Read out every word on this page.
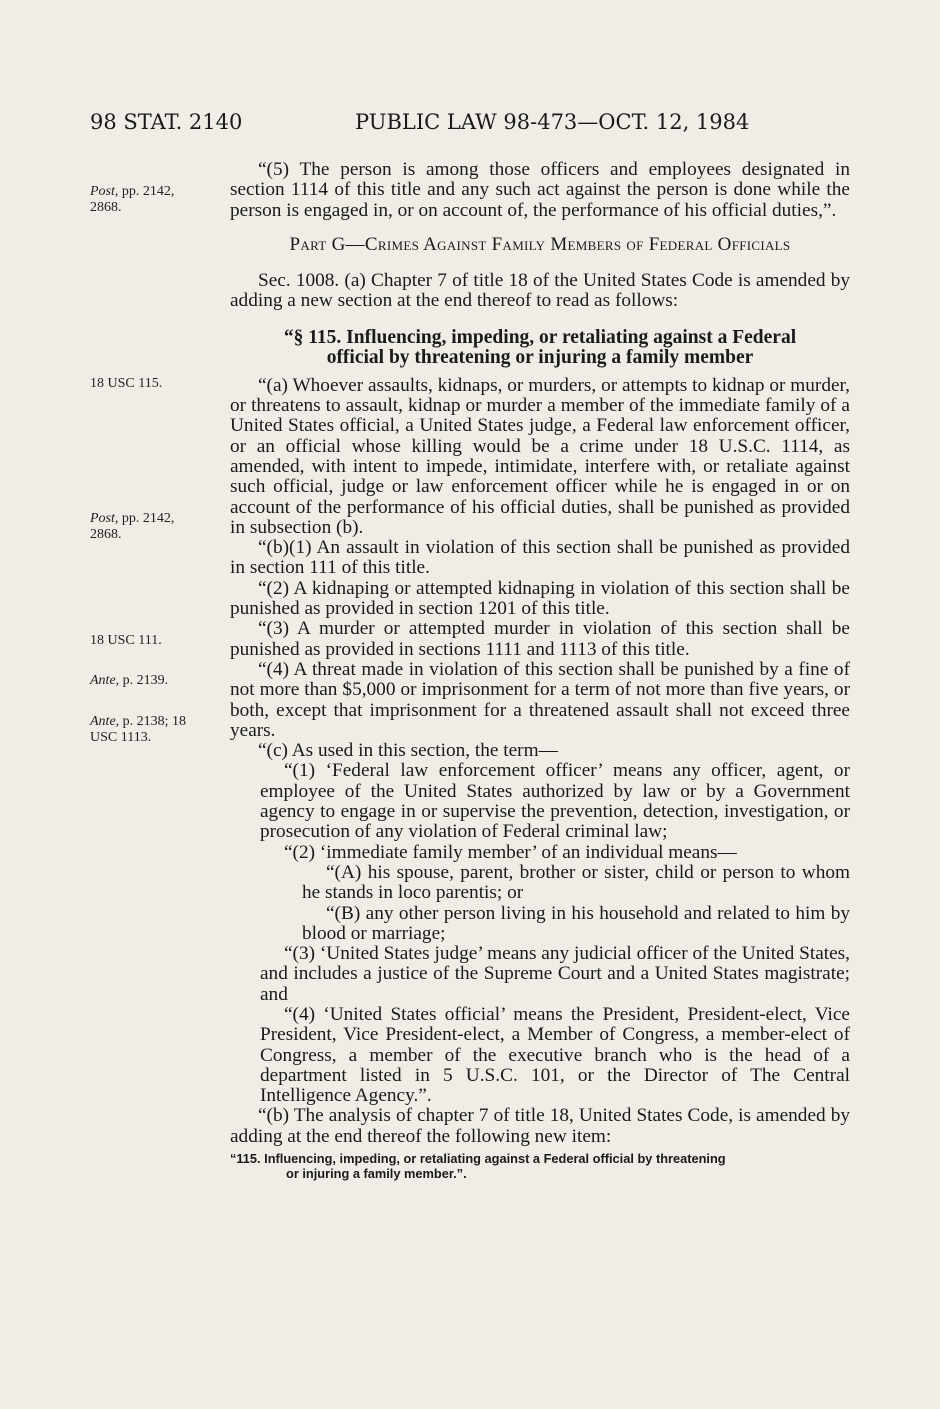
98 STAT. 2140	PUBLIC LAW 98-473—OCT. 12, 1984
Post, pp. 2142,
2868.
18 USC 115.
Post, pp. 2142,
2868.
18 USC 111.
Ante, p. 2139.
Ante, p. 2138; 18
USC 1113.

“(5) The person is among those officers and employees designated in section 1114 of this title and any such act against the person is done while the person is engaged in, or on account of, the performance of his official duties,”.

Part G—Crimes Against Family Members of Federal Officials

Sec. 1008. (a) Chapter 7 of title 18 of the United States Code is amended by adding a new section at the end thereof to read as follows:

“§ 115. Influencing, impeding, or retaliating against a Federal
official by threatening or injuring a family member

“(a) Whoever assaults, kidnaps, or murders, or attempts to kidnap or murder, or threatens to assault, kidnap or murder a member of the immediate family of a United States official, a United States judge, a Federal law enforcement officer, or an official whose killing would be a crime under 18 U.S.C. 1114, as amended, with intent to impede, intimidate, interfere with, or retaliate against such official, judge or law enforcement officer while he is engaged in or on account of the performance of his official duties, shall be punished as provided in subsection (b).

“(b)(1) An assault in violation of this section shall be punished as provided in section 111 of this title.

“(2) A kidnaping or attempted kidnaping in violation of this section shall be punished as provided in section 1201 of this title.

“(3) A murder or attempted murder in violation of this section shall be punished as provided in sections 1111 and 1113 of this title.

“(4) A threat made in violation of this section shall be punished by a fine of not more than $5,000 or imprisonment for a term of not more than five years, or both, except that imprisonment for a threatened assault shall not exceed three years.

“(c) As used in this section, the term—

“(1) ‘Federal law enforcement officer’ means any officer, agent, or employee of the United States authorized by law or by a Government agency to engage in or supervise the prevention, detection, investigation, or prosecution of any violation of Federal criminal law;

“(2) ‘immediate family member’ of an individual means—

“(A) his spouse, parent, brother or sister, child or person to whom he stands in loco parentis; or

“(B) any other person living in his household and related to him by blood or marriage;

“(3) ‘United States judge’ means any judicial officer of the United States, and includes a justice of the Supreme Court and a United States magistrate; and

“(4) ‘United States official’ means the President, President-elect, Vice President, Vice President-elect, a Member of Congress, a member-elect of Congress, a member of the executive branch who is the head of a department listed in 5 U.S.C. 101, or the Director of The Central Intelligence Agency.”.

“(b) The analysis of chapter 7 of title 18, United States Code, is amended by adding at the end thereof the following new item:

“115. Influencing, impeding, or retaliating against a Federal official by threatening
or injuring a family member.”.
